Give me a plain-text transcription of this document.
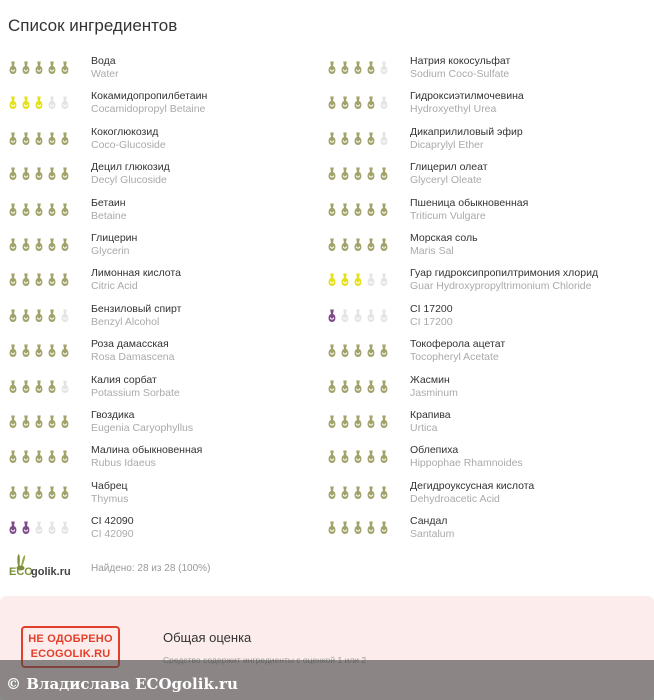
Список ингредиентов
Вода
Water
Кокамидопропилбетаин
Cocamidopropyl Betaine
Кокоглюкозид
Coco-Glucoside
Децил глюкозид
Decyl Glucoside
Бетаин
Betaine
Глицерин
Glycerin
Лимонная кислота
Citric Acid
Бензиловый спирт
Benzyl Alcohol
Роза дамасская
Rosa Damascena
Калия сорбат
Potassium Sorbate
Гвоздика
Eugenia Caryophyllus
Малина обыкновенная
Rubus Idaeus
Чабрец
Thymus
CI 42090
CI 42090
Натрия кокосульфат
Sodium Coco-Sulfate
Гидроксиэтилмочевина
Hydroxyethyl Urea
Дикаприлиловый эфир
Dicaprylyl Ether
Глицерил олеат
Glyceryl Oleate
Пшеница обыкновенная
Triticum Vulgare
Морская соль
Maris Sal
Гуар гидроксипропилтримония хлорид
Guar Hydroxypropyltrimonium Chloride
CI 17200
CI 17200
Токоферола ацетат
Tocopheryl Acetate
Жасмин
Jasminum
Крапива
Urtica
Облепиха
Hippophae Rhamnoides
Дегидроуксусная кислота
Dehydroacetic Acid
Сандал
Santalum
ECO
golik.ru Найдено: 28 из 28 (100%)
НЕ ОДОБРЕНО
ECOGOLIK.RU
Общая оценка
© Владислава ECOgolik.ru
